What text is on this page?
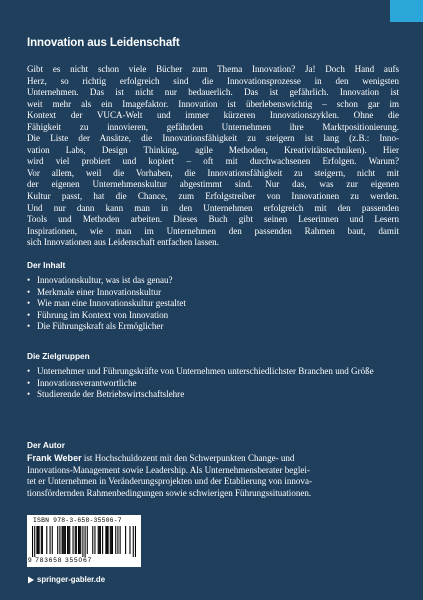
Innovation aus Leidenschaft
Gibt es nicht schon viele Bücher zum Thema Innovation? Ja! Doch Hand aufs
Herz, so richtig erfolgreich sind die Innovationsprozesse in den wenigsten
Unternehmen. Das ist nicht nur bedauerlich. Das ist gefährlich. Innovation ist
weit mehr als ein Imagefaktor. Innovation ist überlebenswichtig – schon gar im
Kontext der VUCA-Welt und immer kürzeren Innovationszyklen. Ohne die
Fähigkeit zu innovieren, gefährden Unternehmen ihre Marktpositionierung.
Die Liste der Ansätze, die Innovationsfähigkeit zu steigern ist lang (z.B.: Inno-
vation Labs, Design Thinking, agile Methoden, Kreativitätstechniken). Hier
wird viel probiert und kopiert – oft mit durchwachsenen Erfolgen. Warum?
Vor allem, weil die Vorhaben, die Innovationsfähigkeit zu steigern, nicht mit
der eigenen Unternehmenskultur abgestimmt sind. Nur das, was zur eigenen
Kultur passt, hat die Chance, zum Erfolgstreiber von Innovationen zu werden.
Und nur dann kann man in den Unternehmen erfolgreich mit den passenden
Tools und Methoden arbeiten. Dieses Buch gibt seinen Leserinnen und Lesern
Inspirationen, wie man im Unternehmen den passenden Rahmen baut, damit
sich Innovationen aus Leidenschaft entfachen lassen.
Der Inhalt
• Innovationskultur, was ist das genau?
• Merkmale einer Innovationskultur
• Wie man eine Innovationskultur gestaltet
• Führung im Kontext von Innovation
• Die Führungskraft als Ermöglicher
Die Zielgruppen
• Unternehmer und Führungskräfte von Unternehmen unterschiedlichster Branchen und Größe
• Innovationsverantwortliche
• Studierende der Betriebswirtschaftslehre
Der Autor
Frank Weber ist Hochschuldozent mit den Schwerpunkten Change- und
Innovations-Management sowie Leadership. Als Unternehmensberater beglei-
tet er Unternehmen in Veränderungsprojekten und der Etablierung von innova-
tionsfördernden Rahmenbedingungen sowie schwierigen Führungssituationen.
ISBN 978-3-658-35506-7
9 783658 355067
springer-gabler.de
